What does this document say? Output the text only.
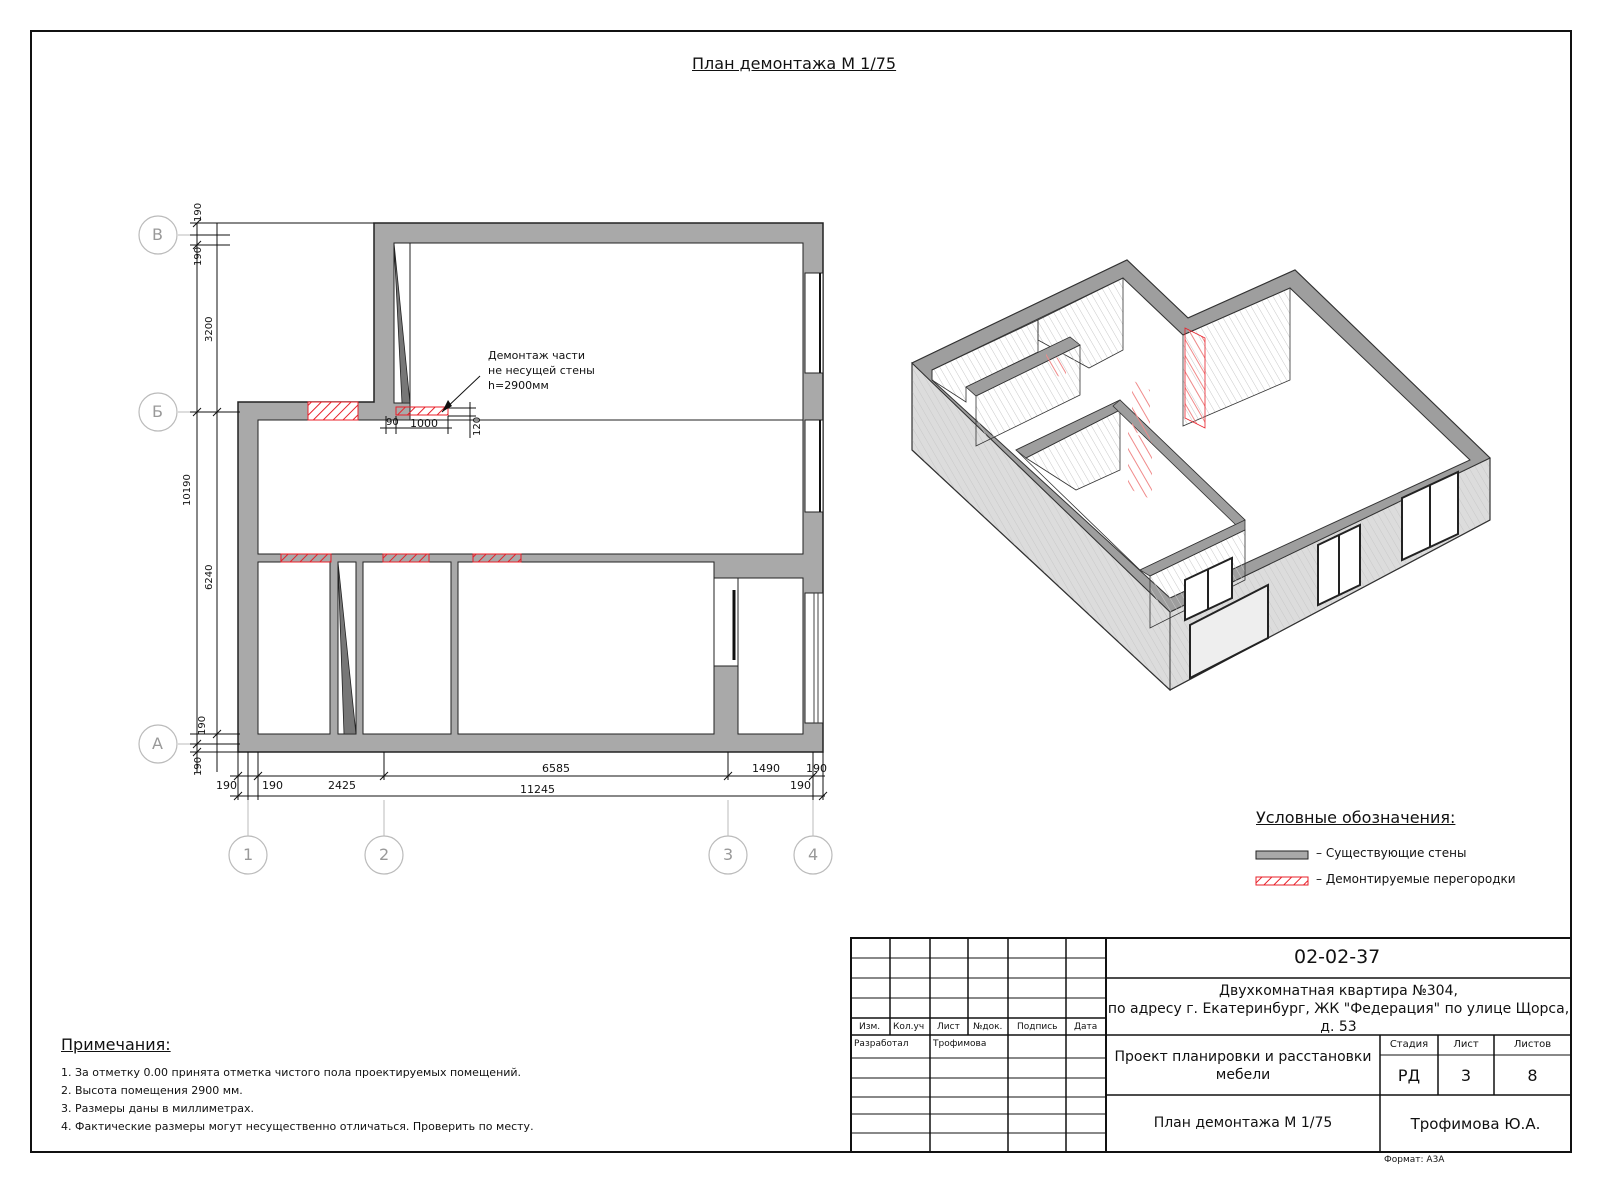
План демонтажа М 1/75
В
Б
А
1	2	3	4
190
190
3200
10190
6240
190
190
190 190	2425
6585	1490 190
11245	190
90 1000	120
Демонтаж части
не несущей стены
h=2900мм
Условные обозначения:
– Существующие стены
– Демонтируемые перегородки
Примечания:
1. За отметку 0.00 принята отметка чистого пола проектируемых помещений.
2. Высота помещения 2900 мм.
3. Размеры даны в миллиметрах.
4. Фактические размеры могут несущественно отличаться. Проверить по месту.
02-02-37
Двухкомнатная квартира №304,
по адресу г. Екатеринбург, ЖК "Федерация" по улице Щорса,
д. 53
Изм. Кол.уч Лист №док. Подпись Дата
Разработал	Трофимова
Проект планировки и расстановки
мебели
Стадия	Лист	Листов
РД	3	8
План демонтажа М 1/75	Трофимова Ю.А.
Формат: А3А
